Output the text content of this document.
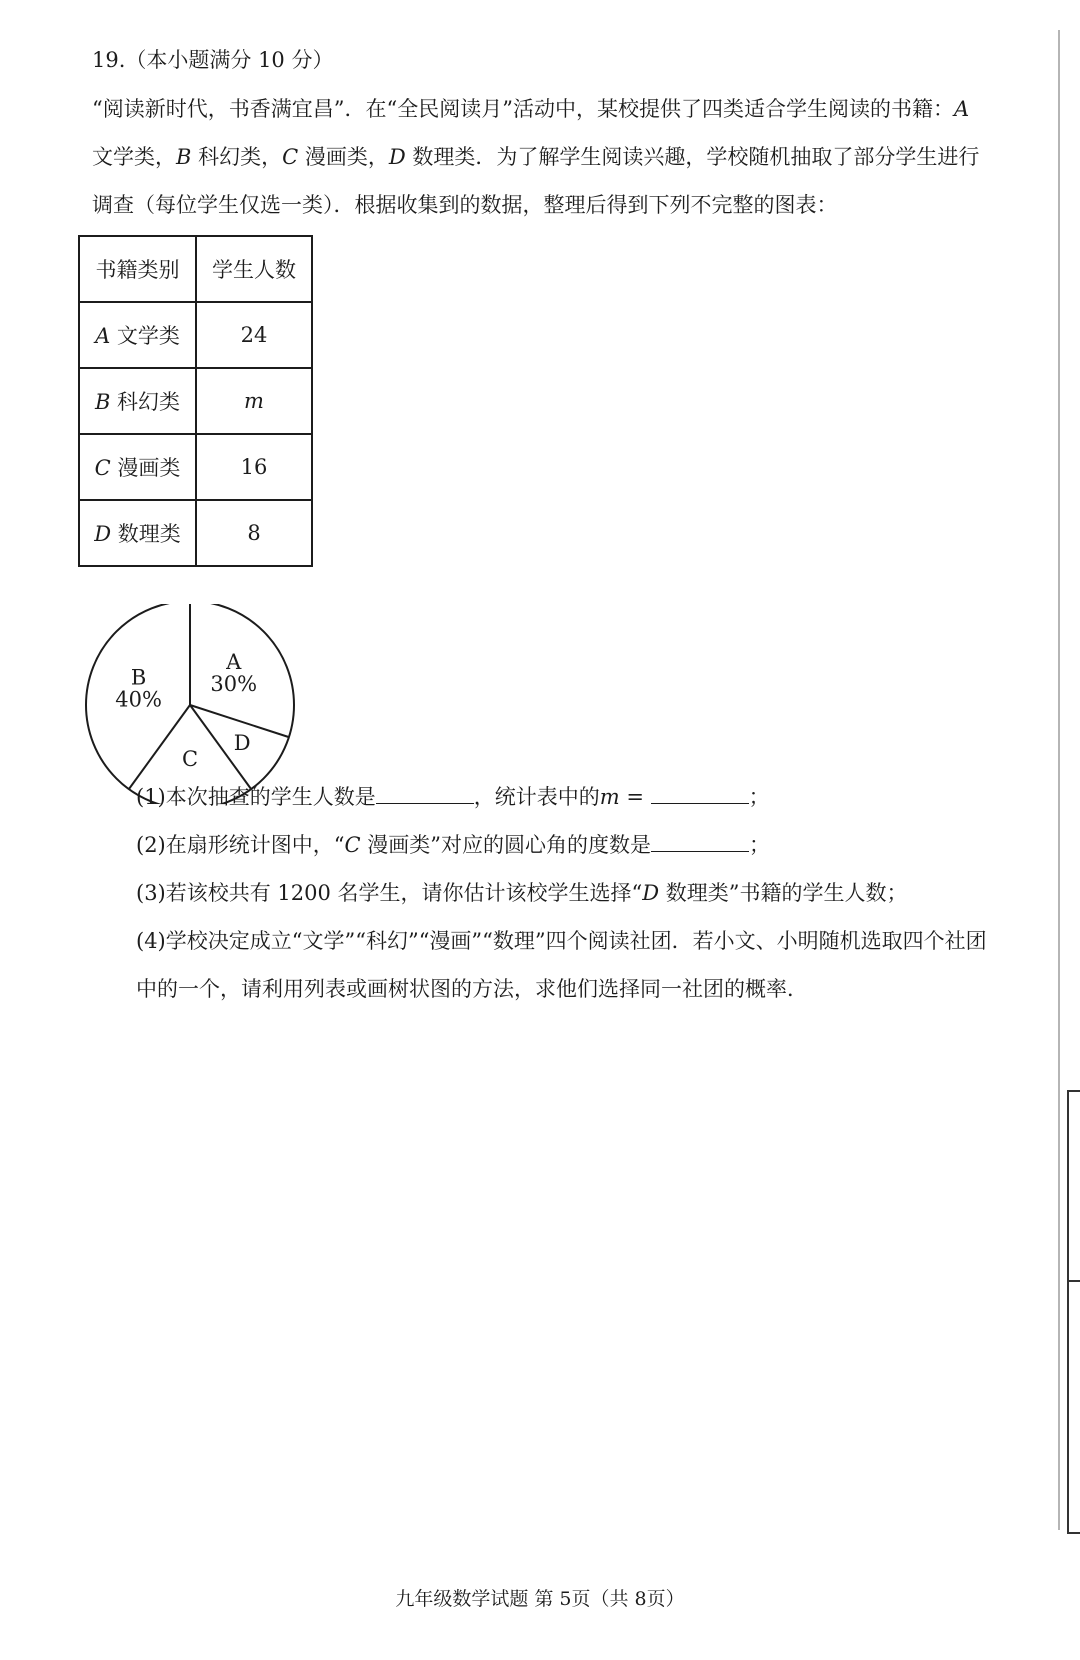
19.（本小题满分 10 分）
“阅读新时代，书香满宜昌”．在“全民阅读月”活动中，某校提供了四类适合学生阅读的书籍：A
文学类，B 科幻类，C 漫画类，D 数理类．为了解学生阅读兴趣，学校随机抽取了部分学生进行
调查（每位学生仅选一类）．根据收集到的数据，整理后得到下列不完整的图表：
书籍类别	学生人数
A 文学类	24
B 科幻类	m
C 漫画类	16
D 数理类	8
A
30%
D
C
B
40%
(1)本次抽查的学生人数是	，统计表中的m =	；
(2)在扇形统计图中，“C 漫画类”对应的圆心角的度数是	；
(3)若该校共有 1200 名学生，请你估计该校学生选择“D 数理类”书籍的学生人数；
(4)学校决定成立“文学”“科幻”“漫画”“数理”四个阅读社团．若小文、小明随机选取四个社团
中的一个，请利用列表或画树状图的方法，求他们选择同一社团的概率．
九年级数学试题 第 5页（共 8页）
